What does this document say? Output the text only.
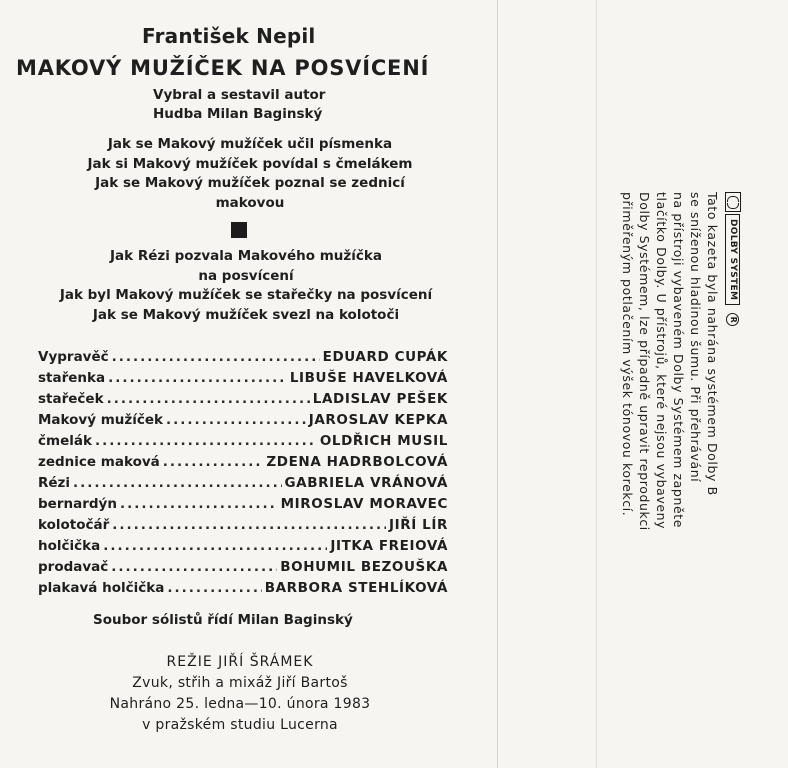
František Nepil
MAKOVÝ MUŽÍČEK NA POSVÍCENÍ
Vybral a sestavil autor
Hudba Milan Baginský
Jak se Makový mužíček učil písmenka
Jak si Makový mužíček povídal s čmelákem
Jak se Makový mužíček poznal se zednicí
makovou
Jak Rézi pozvala Makového mužíčka
na posvícení
Jak byl Makový mužíček se stařečky na posvícení
Jak se Makový mužíček svezl na kolotoči
Vypravěč .....	EDUARD CUPÁK
stařenka .....	LIBUŠE HAVELKOVÁ
stařeček .....	LADISLAV PEŠEK
Makový mužíček .....	JAROSLAV KEPKA
čmelák .....	OLDŘICH MUSIL
zednice maková .....	ZDENA HADRBOLCOVÁ
Rézi .....	GABRIELA VRÁNOVÁ
bernardýn .....	MIROSLAV MORAVEC
kolotočář .....	JIŘÍ LÍR
holčička .....	JITKA FREIOVÁ
prodavač .....	BOHUMIL BEZOUŠKA
plakavá holčička .....	BARBORA STEHLÍKOVÁ
Soubor sólistů řídí Milan Baginský
REŽIE JIŘÍ ŠRÁMEK
Zvuk, střih a mixáž Jiří Bartoš
Nahráno 25. ledna—10. února 1983
v pražském studiu Lucerna
DOLBY SYSTEM
R
Tato kazeta byla nahrána systémem Dolby B
se sníženou hladinou šumu. Při přehrávání
na přístroji vybaveném Dolby Systémem zapněte
tlačítko Dolby. U přístrojů, které nejsou vybaveny
Dolby Systémem, lze případně upravit reprodukci
přiměřeným potlačením výšek tónovou korekcí.
